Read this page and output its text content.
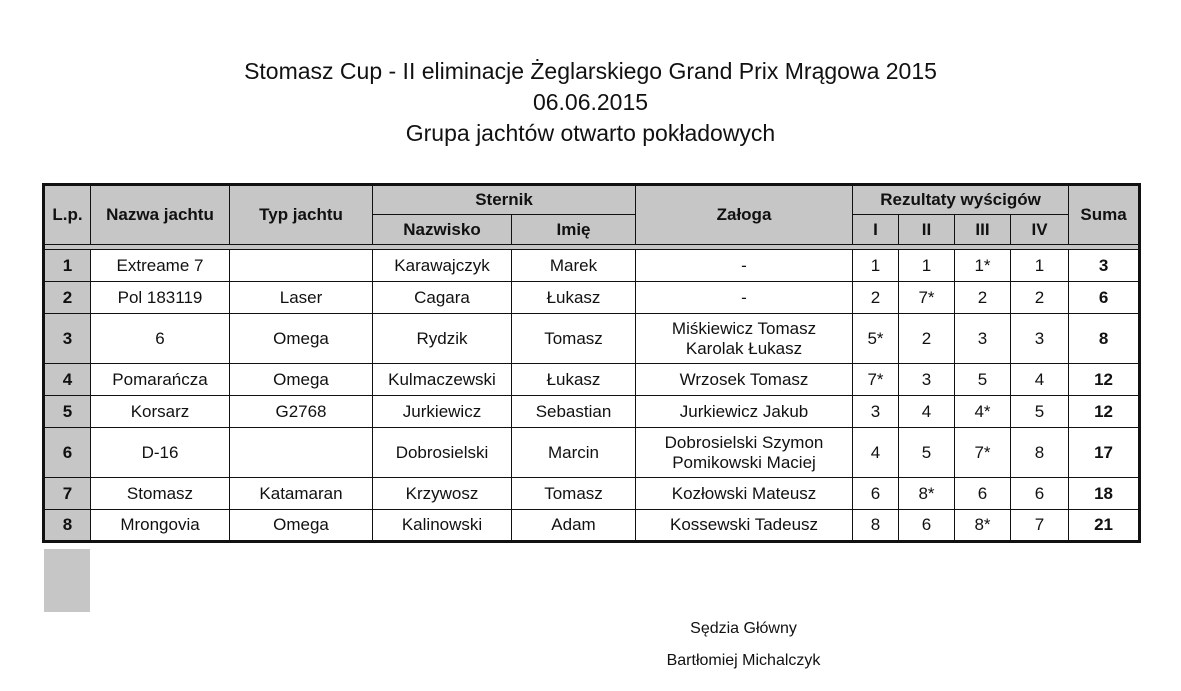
Stomasz Cup - II eliminacje Żeglarskiego Grand Prix Mrągowa 2015
06.06.2015
Grupa jachtów otwarto pokładowych
L.p.	Nazwa jachtu	Typ jachtu	Sternik		Załoga	Rezultaty wyścigów				Suma
			Nazwisko	Imię		I	II	III	IV	

1	Extreame 7		Karawajczyk	Marek	-	1	1	1*	1	3
2	Pol 183119	Laser	Cagara	Łukasz	-	2	7*	2	2	6
3	6	Omega	Rydzik	Tomasz	Miśkiewicz Tomasz
Karolak Łukasz	5*	2	3	3	8
4	Pomarańcza	Omega	Kulmaczewski	Łukasz	Wrzosek Tomasz	7*	3	5	4	12
5	Korsarz	G2768	Jurkiewicz	Sebastian	Jurkiewicz Jakub	3	4	4*	5	12
6	D-16		Dobrosielski	Marcin	Dobrosielski Szymon
Pomikowski Maciej	4	5	7*	8	17
7	Stomasz	Katamaran	Krzywosz	Tomasz	Kozłowski Mateusz	6	8*	6	6	18
8	Mrongovia	Omega	Kalinowski	Adam	Kossewski Tadeusz	8	6	8*	7	21
Sędzia Główny
Bartłomiej Michalczyk
